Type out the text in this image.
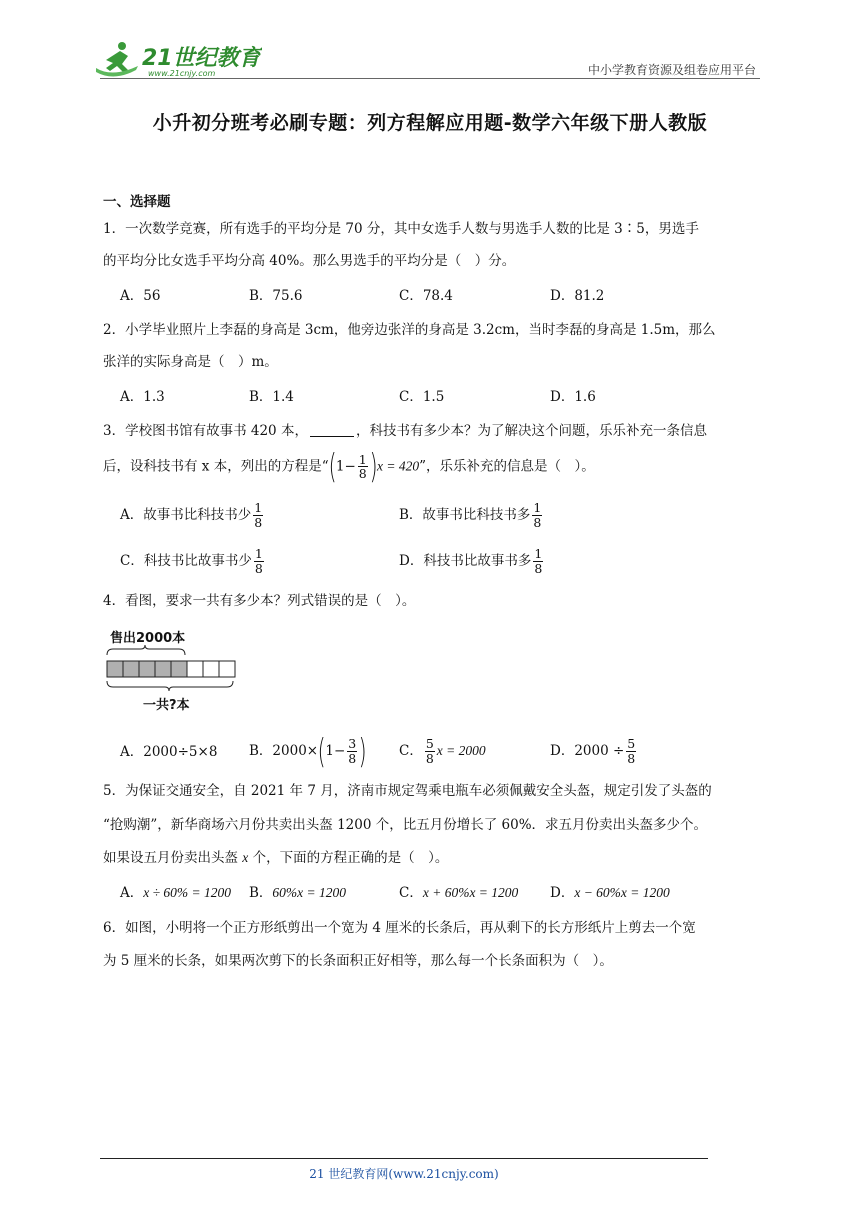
21世纪教育
www.21cnjy.com	中小学教育资源及组卷应用平台
小升初分班考必刷专题：列方程解应用题-数学六年级下册人教版
一、选择题
1．一次数学竞赛，所有选手的平均分是 70 分，其中女选手人数与男选手人数的比是 3∶5，男选手
的平均分比女选手平均分高 40%。那么男选手的平均分是（　）分。
A．56	B．75.6	C．78.4	D．81.2
2．小学毕业照片上李磊的身高是 3cm，他旁边张洋的身高是 3.2cm，当时李磊的身高是 1.5m，那么
张洋的实际身高是（　）m。
A．1.3	B．1.4	C．1.5	D．1.6
3．学校图书馆有故事书 420 本，	，科技书有多少本？为了解决这个问题，乐乐补充一条信息
后，设科技书有 x 本，列出的方程是“$(1- \frac{1}{8} )x = 420$”，乐乐补充的信息是（　）。
A．故事书比科技书少 $\frac{1}{8}$	B．故事书比科技书多 $\frac{1}{8}$
C．科技书比故事书少 $\frac{1}{8}$	D．科技书比故事书多 $\frac{1}{8}$
4．看图，要求一共有多少本？列式错误的是（　）。
售出2000本
一共?本
A．2000÷5×8 B．$2000\times(1- \frac{3}{8}$ ) C． $\frac{5}{8}$ x = 2000	D．$2000 \div \frac{5}{8}$
5．为保证交通安全，自 2021 年 7 月，济南市规定驾乘电瓶车必须佩戴安全头盔，规定引发了头盔的
“抢购潮”，新华商场六月份共卖出头盔 1200 个，比五月份增长了 60%．求五月份卖出头盔多少个。
如果设五月份卖出头盔 x 个，下面的方程正确的是（　）。
A．x ÷ 60% = 1200 B．60%x = 1200	C．x + 60%x = 1200 D．x − 60%x = 1200
6．如图，小明将一个正方形纸剪出一个宽为 4 厘米的长条后，再从剩下的长方形纸片上剪去一个宽
为 5 厘米的长条，如果两次剪下的长条面积正好相等，那么每一个长条面积为（　）。
21 世纪教育网(www.21cnjy.com)
